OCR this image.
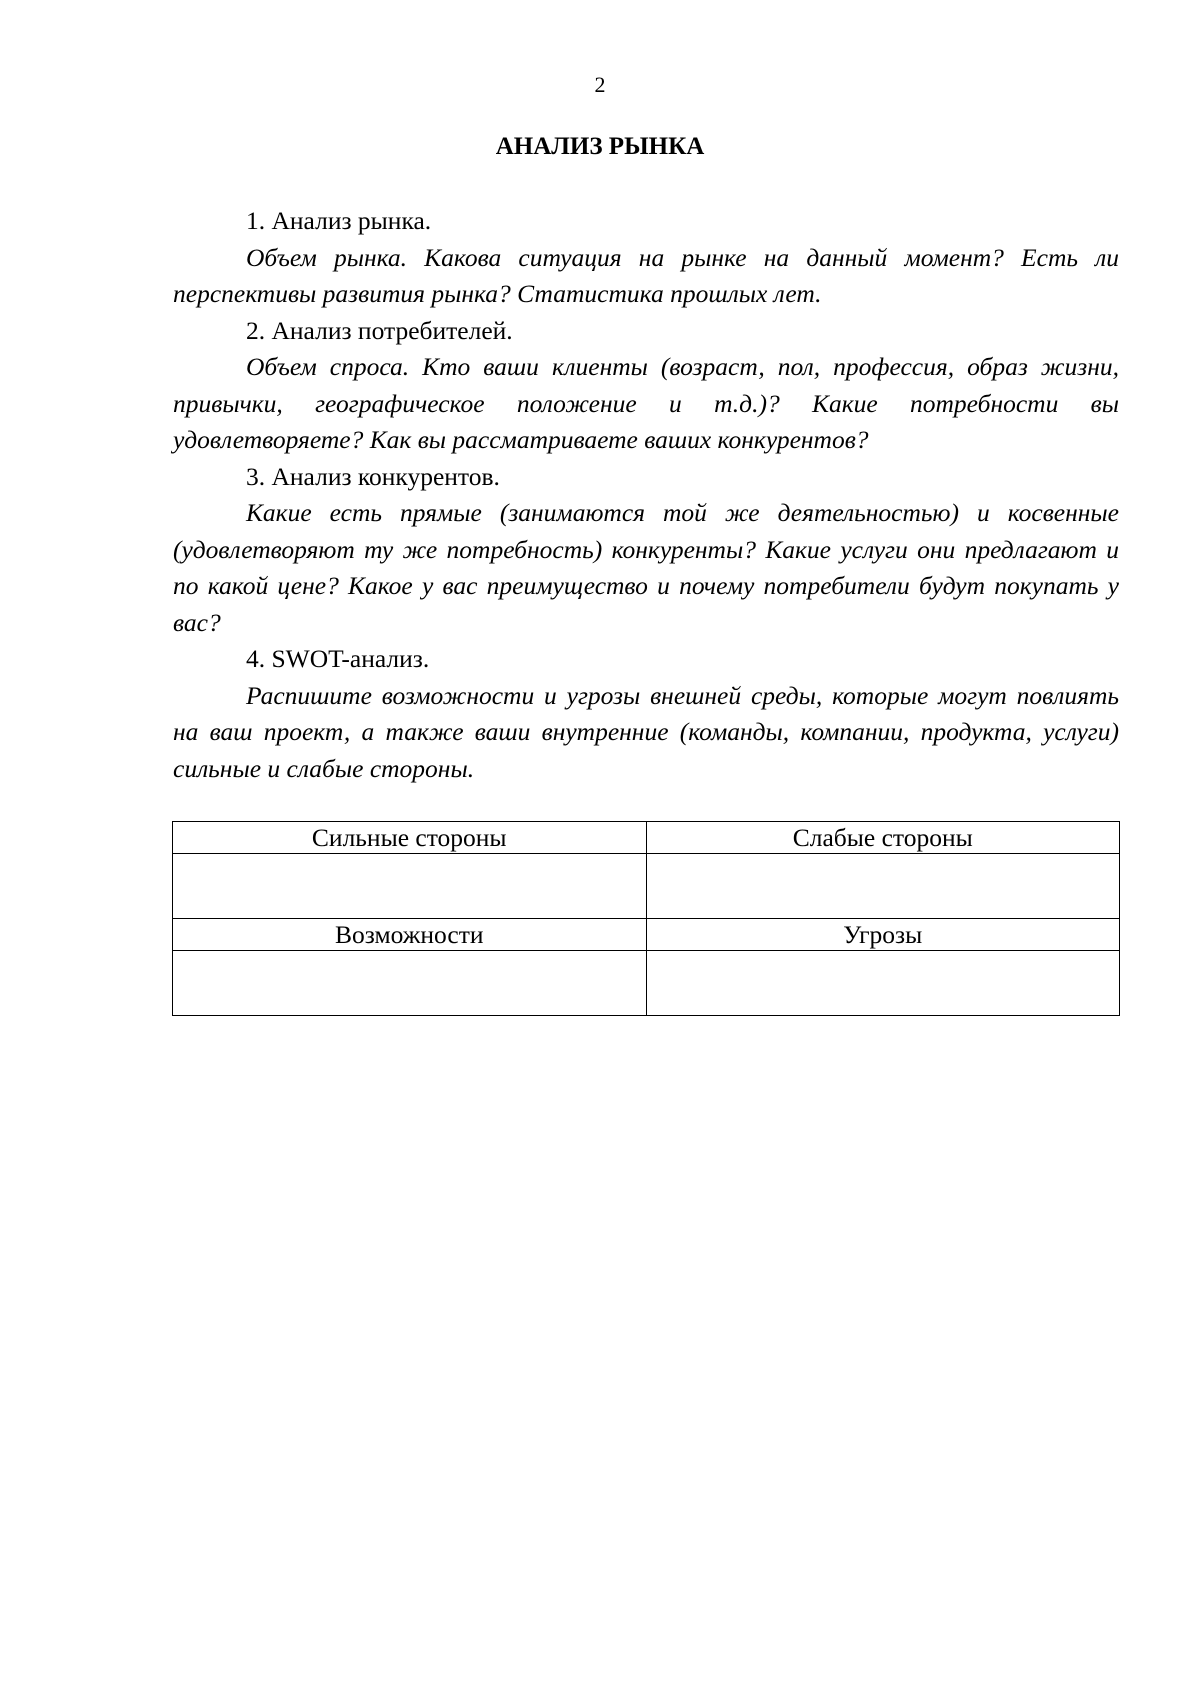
2
АНАЛИЗ РЫНКА

1. Анализ рынка.

Объем рынка. Какова ситуация на рынке на данный момент? Есть ли перспективы развития рынка? Статистика прошлых лет.

2. Анализ потребителей.

Объем спроса. Кто ваши клиенты (возраст, пол, профессия, образ жизни, привычки, географическое положение и т.д.)? Какие потребности вы удовлетворяете? Как вы рассматриваете ваших конкурентов?

3. Анализ конкурентов.

Какие есть прямые (занимаются той же деятельностью) и косвенные (удовлетворяют ту же потребность) конкуренты? Какие услуги они предлагают и по какой цене? Какое у вас преимущество и почему потребители будут покупать у вас?

4. SWOT-анализ.

Распишите возможности и угрозы внешней среды, которые могут повлиять на ваш проект, а также ваши внутренние (команды, компании, продукта, услуги) сильные и слабые стороны.

Сильные стороны	Слабые стороны

Возможности	Угрозы
